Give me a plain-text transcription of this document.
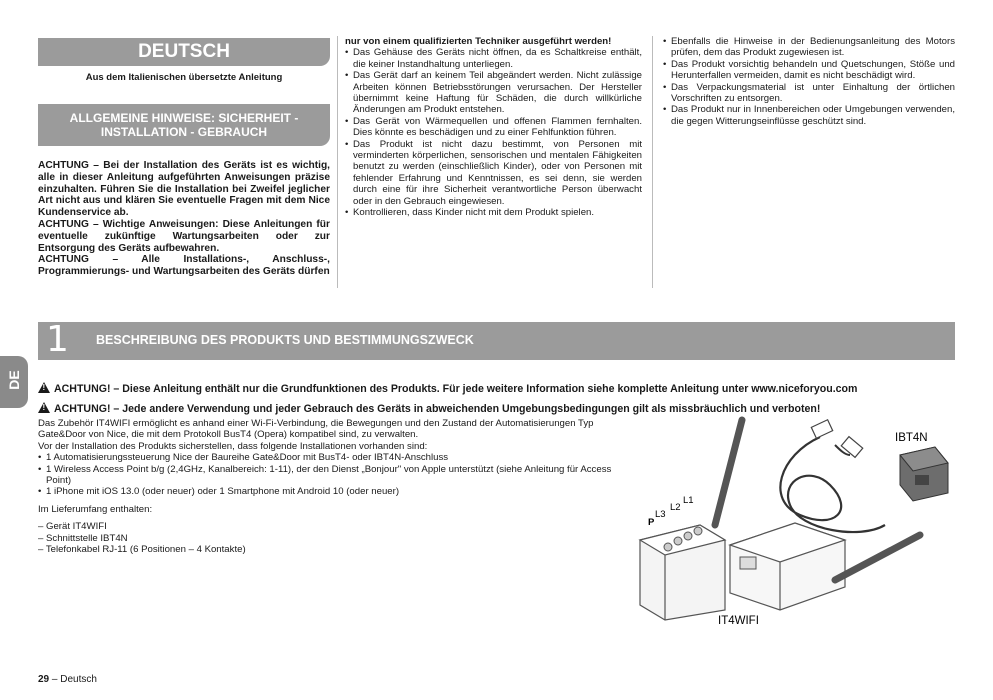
DEUTSCH
Aus dem Italienischen übersetzte Anleitung
ALLGEMEINE HINWEISE: SICHERHEIT - INSTALLATION - GEBRAUCH

ACHTUNG – Bei der Installation des Geräts ist es wichtig, alle in dieser Anleitung aufgeführten Anweisungen präzise einzuhalten. Führen Sie die Installation bei Zweifel jeglicher Art nicht aus und klären Sie eventuelle Fragen mit dem Nice Kundenservice ab.

ACHTUNG – Wichtige Anweisungen: Diese Anleitungen für eventuelle zukünftige Wartungsarbeiten oder zur Entsorgung des Geräts aufbewahren.

ACHTUNG – Alle Installations-, Anschluss-, Programmierungs- und Wartungsarbeiten des Geräts dürfen

nur von einem qualifizierten Techniker ausgeführt werden!

• Das Gehäuse des Geräts nicht öffnen, da es Schaltkreise enthält, die keiner Instandhaltung unterliegen.

• Das Gerät darf an keinem Teil abgeändert werden. Nicht zulässige Arbeiten können Betriebsstörungen verursachen. Der Hersteller übernimmt keine Haftung für Schäden, die durch willkürliche Änderungen am Produkt entstehen.

• Das Gerät von Wärmequellen und offenen Flammen fernhalten. Dies könnte es beschädigen und zu einer Fehlfunktion führen.

• Das Produkt ist nicht dazu bestimmt, von Personen mit verminderten körperlichen, sensorischen und mentalen Fähigkeiten benutzt zu werden (einschließlich Kinder), oder von Personen mit fehlender Erfahrung und Kenntnissen, es sei denn, sie werden durch eine für ihre Sicherheit verantwortliche Person überwacht oder in den Gebrauch eingewiesen.

• Kontrollieren, dass Kinder nicht mit dem Produkt spielen.

• Ebenfalls die Hinweise in der Bedienungsanleitung des Motors prüfen, dem das Produkt zugewiesen ist.

• Das Produkt vorsichtig behandeln und Quetschungen, Stöße und Herunterfallen vermeiden, damit es nicht beschädigt wird.

• Das Verpackungsmaterial ist unter Einhaltung der örtlichen Vorschriften zu entsorgen.

• Das Produkt nur in Innenbereichen oder Umgebungen verwenden, die gegen Witterungseinflüsse geschützt sind.

1 BESCHREIBUNG DES PRODUKTS UND BESTIMMUNGSZWECK
DE	! ACHTUNG! – Diese Anleitung enthält nur die Grundfunktionen des Produkts. Für jede weitere Information siehe komplette Anleitung unter www.niceforyou.com
! ACHTUNG! – Jede andere Verwendung und jeder Gebrauch des Geräts in abweichenden Umgebungsbedingungen gilt als missbräuchlich und verboten!

Das Zubehör IT4WIFI ermöglicht es anhand einer Wi-Fi-Verbindung, die Bewegungen und den Zustand der Automatisierungen Typ Gate&Door von Nice, die mit dem Protokoll BusT4 (Opera) kompatibel sind, zu verwalten.

Vor der Installation des Produkts sicherstellen, dass folgende Installationen vorhanden sind:

• 1 Automatisierungssteuerung Nice der Baureihe Gate&Door mit BusT4- oder IBT4N-Anschluss

• 1 Wireless Access Point b/g (2,4GHz, Kanalbereich: 1-11), der den Dienst „Bonjour" von Apple unterstützt (siehe Anleitung für Access Point)

• 1 iPhone mit iOS 13.0 (oder neuer) oder 1 Smartphone mit Android 10 (oder neuer)

Im Lieferumfang enthalten:

– Gerät IT4WIFI

– Schnittstelle IBT4N

– Telefonkabel RJ-11 (6 Positionen – 4 Kontakte)

IBT4N
P
L3
L2
L1
IT4WIFI
29 – Deutsch
